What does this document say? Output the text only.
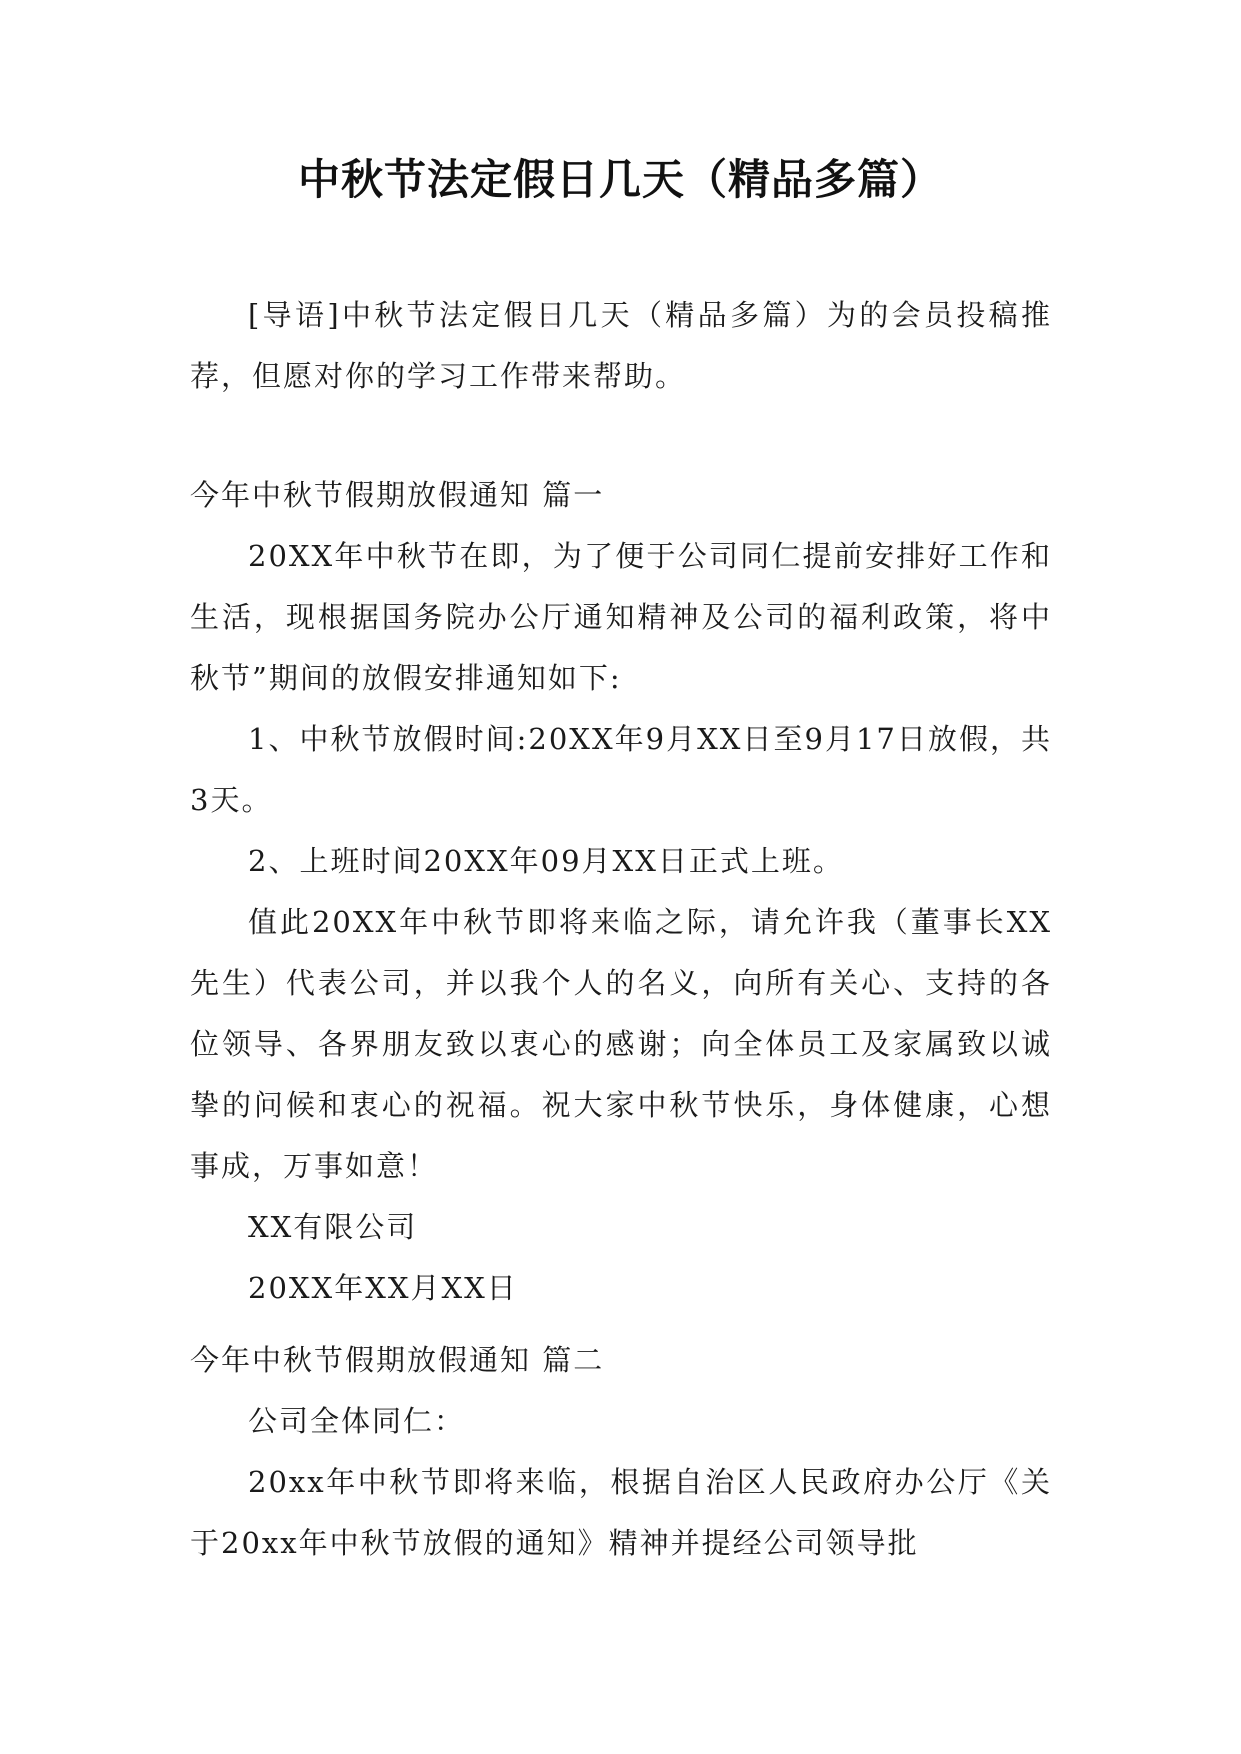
中秋节法定假日几天（精品多篇）

[导语]中秋节法定假日几天（精品多篇）为的会员投稿推荐，但愿对你的学习工作带来帮助。

今年中秋节假期放假通知 篇一

20XX年中秋节在即，为了便于公司同仁提前安排好工作和生活，现根据国务院办公厅通知精神及公司的福利政策，将中秋节”期间的放假安排通知如下:

1、中秋节放假时间:20XX年9月XX日至9月17日放假，共3天。

2、上班时间20XX年09月XX日正式上班。

值此20XX年中秋节即将来临之际，请允许我（董事长XX先生）代表公司，并以我个人的名义，向所有关心、支持的各位领导、各界朋友致以衷心的感谢；向全体员工及家属致以诚挚的问候和衷心的祝福。祝大家中秋节快乐，身体健康，心想事成，万事如意！

XX有限公司

20XX年XX月XX日

今年中秋节假期放假通知 篇二

公司全体同仁：

20xx年中秋节即将来临，根据自治区人民政府办公厅《关于20xx年中秋节放假的通知》精神并提经公司领导批
